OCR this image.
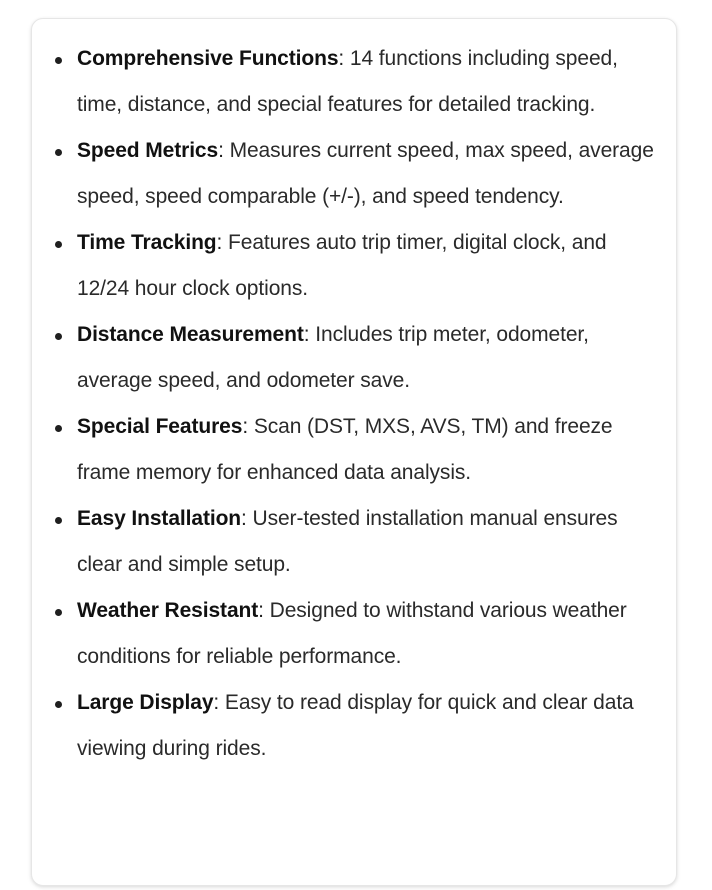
Comprehensive Functions: 14 functions including speed, time, distance, and special features for detailed tracking.
Speed Metrics: Measures current speed, max speed, average speed, speed comparable (+/-), and speed tendency.
Time Tracking: Features auto trip timer, digital clock, and 12/24 hour clock options.
Distance Measurement: Includes trip meter, odometer, average speed, and odometer save.
Special Features: Scan (DST, MXS, AVS, TM) and freeze frame memory for enhanced data analysis.
Easy Installation: User-tested installation manual ensures clear and simple setup.
Weather Resistant: Designed to withstand various weather conditions for reliable performance.
Large Display: Easy to read display for quick and clear data viewing during rides.
